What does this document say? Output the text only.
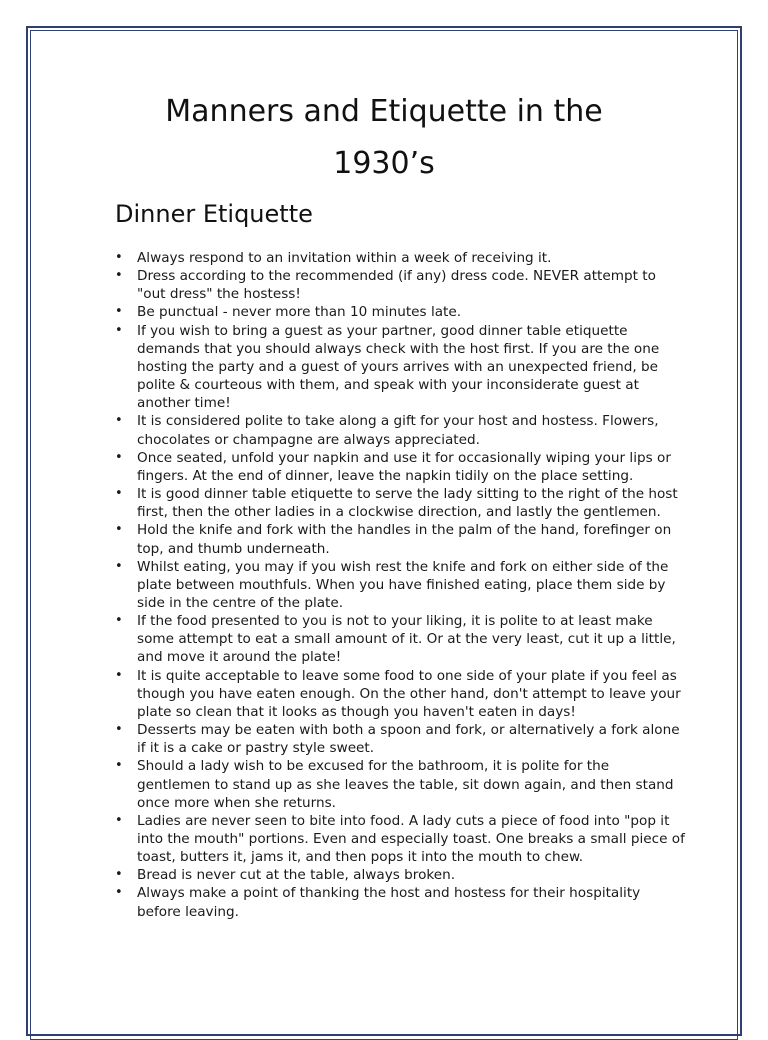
Manners and Etiquette in the
1930’s
Dinner Etiquette
• Always respond to an invitation within a week of receiving it.
• Dress according to the recommended (if any) dress code. NEVER attempt to "out dress" the hostess!
• Be punctual - never more than 10 minutes late.
• If you wish to bring a guest as your partner, good dinner table etiquette demands that you should always check with the host first. If you are the one hosting the party and a guest of yours arrives with an unexpected friend, be polite & courteous with them, and speak with your inconsiderate guest at another time!
• It is considered polite to take along a gift for your host and hostess. Flowers, chocolates or champagne are always appreciated.
• Once seated, unfold your napkin and use it for occasionally wiping your lips or fingers. At the end of dinner, leave the napkin tidily on the place setting.
• It is good dinner table etiquette to serve the lady sitting to the right of the host first, then the other ladies in a clockwise direction, and lastly the gentlemen.
• Hold the knife and fork with the handles in the palm of the hand, forefinger on top, and thumb underneath.
• Whilst eating, you may if you wish rest the knife and fork on either side of the plate between mouthfuls. When you have finished eating, place them side by side in the centre of the plate.
• If the food presented to you is not to your liking, it is polite to at least make some attempt to eat a small amount of it. Or at the very least, cut it up a little, and move it around the plate!
• It is quite acceptable to leave some food to one side of your plate if you feel as though you have eaten enough. On the other hand, don't attempt to leave your plate so clean that it looks as though you haven't eaten in days!
• Desserts may be eaten with both a spoon and fork, or alternatively a fork alone if it is a cake or pastry style sweet.
• Should a lady wish to be excused for the bathroom, it is polite for the gentlemen to stand up as she leaves the table, sit down again, and then stand once more when she returns.
• Ladies are never seen to bite into food. A lady cuts a piece of food into "pop it into the mouth" portions. Even and especially toast. One breaks a small piece of toast, butters it, jams it, and then pops it into the mouth to chew.
• Bread is never cut at the table, always broken.
• Always make a point of thanking the host and hostess for their hospitality before leaving.
